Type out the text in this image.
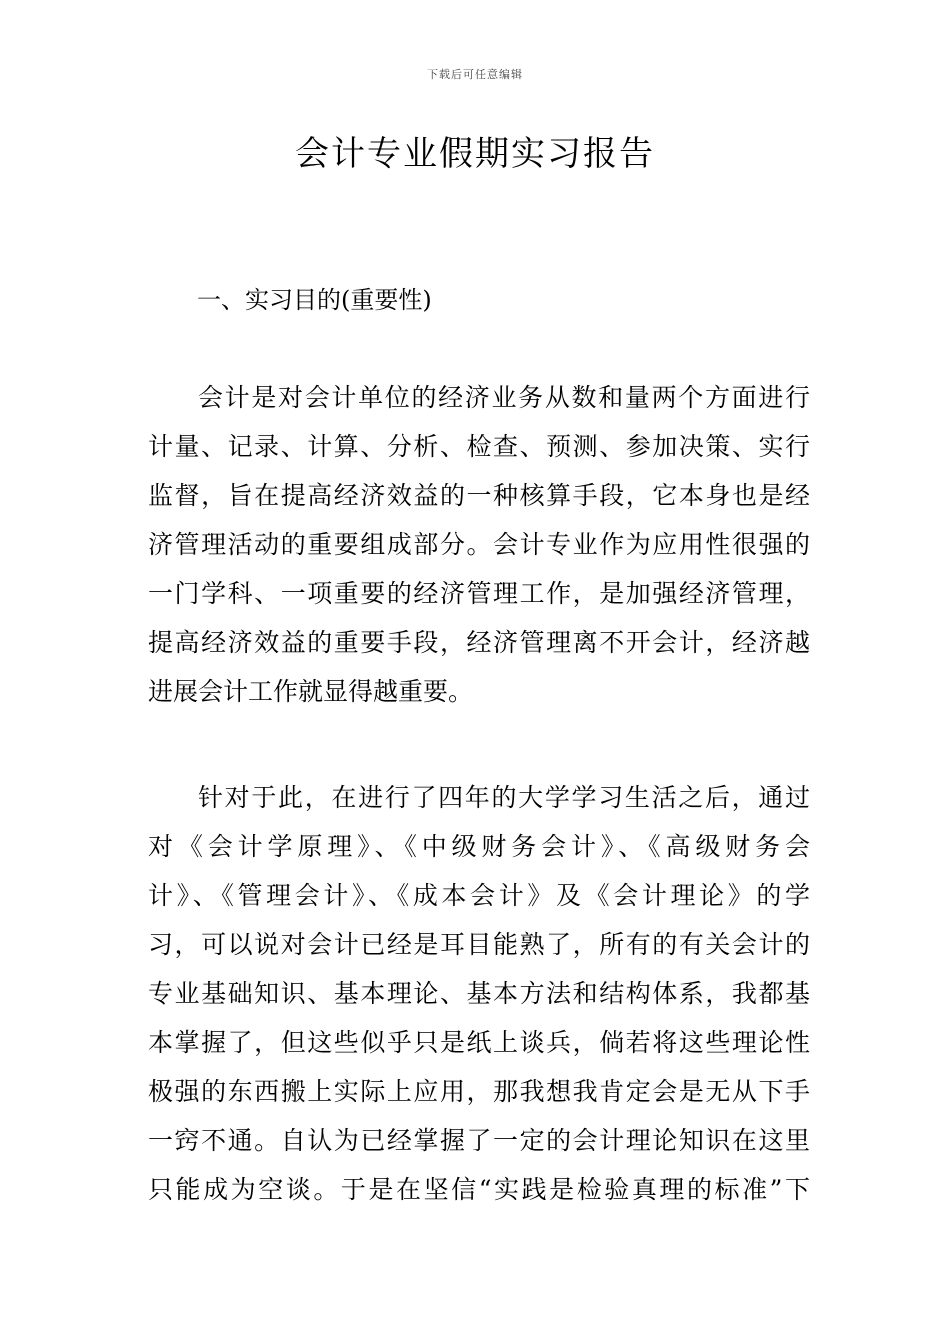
下载后可任意编辑
会计专业假期实习报告
一、实习目的(重要性)
会计是对会计单位的经济业务从数和量两个方面进行
计量、记录、计算、分析、检查、预测、参加决策、实行
监督，旨在提高经济效益的一种核算手段，它本身也是经
济管理活动的重要组成部分。会计专业作为应用性很强的
一门学科、一项重要的经济管理工作，是加强经济管理，
提高经济效益的重要手段，经济管理离不开会计，经济越
进展会计工作就显得越重要。
针对于此，在进行了四年的大学学习生活之后，通过
对《会计学原理》、《中级财务会计》、《高级财务会
计》、《管理会计》、《成本会计》及《会计理论》的学
习，可以说对会计已经是耳目能熟了，所有的有关会计的
专业基础知识、基本理论、基本方法和结构体系，我都基
本掌握了，但这些似乎只是纸上谈兵，倘若将这些理论性
极强的东西搬上实际上应用，那我想我肯定会是无从下手
一窍不通。自认为已经掌握了一定的会计理论知识在这里
只能成为空谈。于是在坚信“实践是检验真理的标准”下
